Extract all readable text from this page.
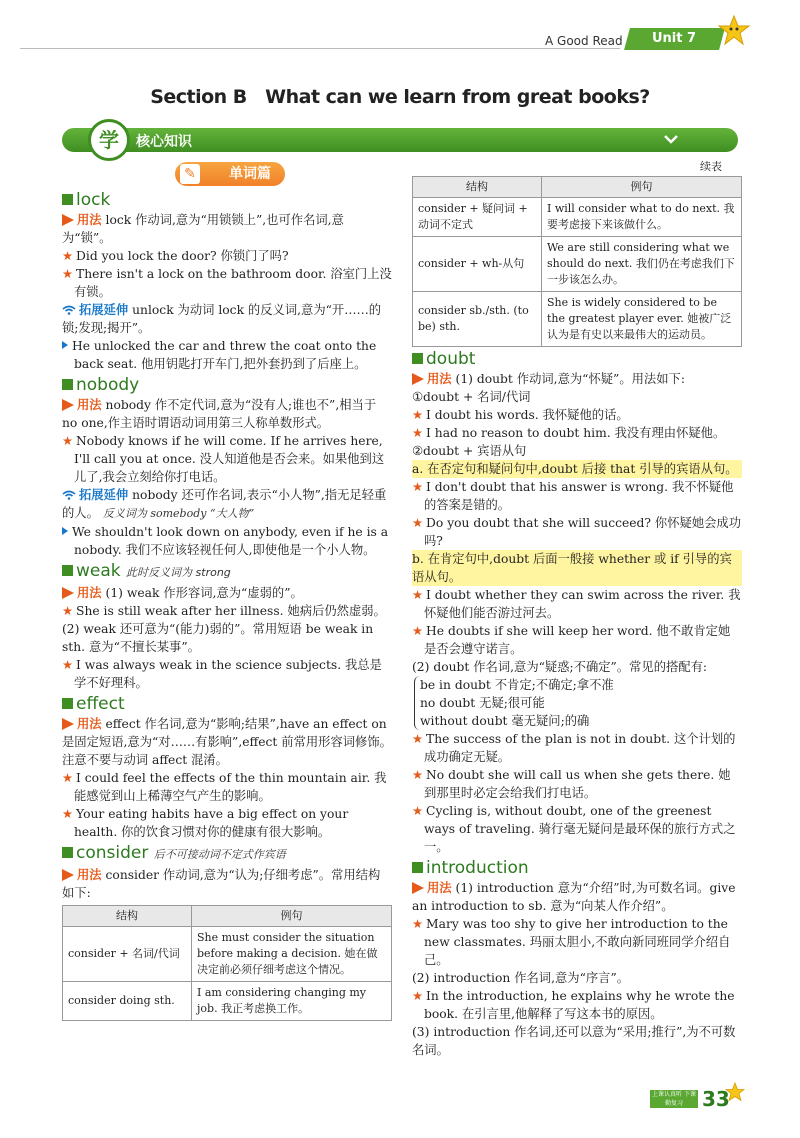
A Good Read	Unit 7
Section B   What can we learn from great books?
学	核心知识
单词篇
✎
lock

用法 lock 作动词,意为“用锁锁上”,也可作名词,意为“锁”。

★ Did you lock the door? 你锁门了吗?

★ There isn't a lock on the bathroom door. 浴室门上没有锁。

拓展延伸 unlock 为动词 lock 的反义词,意为“开……的锁;发现;揭开”。

He unlocked the car and threw the coat onto the back seat. 他用钥匙打开车门,把外套扔到了后座上。

nobody

用法 nobody 作不定代词,意为“没有人;谁也不”,相当于 no one,作主语时谓语动词用第三人称单数形式。

★ Nobody knows if he will come. If he arrives here, I'll call you at once. 没人知道他是否会来。如果他到这儿了,我会立刻给你打电话。

拓展延伸 nobody 还可作名词,表示“小人物”,指无足轻重的人。 反义词为 somebody “大人物”

We shouldn't look down on anybody, even if he is a nobody. 我们不应该轻视任何人,即使他是一个小人物。

weak 此时反义词为 strong

用法 (1) weak 作形容词,意为“虚弱的”。

★ She is still weak after her illness. 她病后仍然虚弱。

(2) weak 还可意为“(能力)弱的”。常用短语 be weak in sth. 意为“不擅长某事”。

★ I was always weak in the science subjects. 我总是学不好理科。

effect

用法 effect 作名词,意为“影响;结果”,have an effect on 是固定短语,意为“对……有影响”,effect 前常用形容词修饰。注意不要与动词 affect 混淆。

★ I could feel the effects of the thin mountain air. 我能感觉到山上稀薄空气产生的影响。

★ Your eating habits have a big effect on your health. 你的饮食习惯对你的健康有很大影响。

consider 后不可接动词不定式作宾语

用法 consider 作动词,意为“认为;仔细考虑”。常用结构如下:

结构	例句
consider + 名词/代词	She must consider the situation before making a decision. 她在做决定前必须仔细考虑这个情况。
consider doing sth.	I am considering changing my job. 我正考虑换工作。

续表

结构	例句
consider + 疑问词 + 动词不定式	I will consider what to do next. 我要考虑接下来该做什么。
consider + wh-从句	We are still considering what we should do next. 我们仍在考虑我们下一步该怎么办。
consider sb./sth. (to be) sth.	She is widely considered to be the greatest player ever. 她被广泛认为是有史以来最伟大的运动员。
doubt

用法 (1) doubt 作动词,意为“怀疑”。用法如下:

①doubt + 名词/代词

★ I doubt his words. 我怀疑他的话。

★ I had no reason to doubt him. 我没有理由怀疑他。

②doubt + 宾语从句

a. 在否定句和疑问句中,doubt 后接 that 引导的宾语从句。

★ I don't doubt that his answer is wrong. 我不怀疑他的答案是错的。

★ Do you doubt that she will succeed? 你怀疑她会成功吗?

b. 在肯定句中,doubt 后面一般接 whether 或 if 引导的宾语从句。

★ I doubt whether they can swim across the river. 我怀疑他们能否游过河去。

★ He doubts if she will keep her word. 他不敢肯定她是否会遵守诺言。

(2) doubt 作名词,意为“疑惑;不确定”。常见的搭配有:

be in doubt 不肯定;不确定;拿不准

no doubt 无疑;很可能

without doubt 毫无疑问;的确

★ The success of the plan is not in doubt. 这个计划的成功确定无疑。

★ No doubt she will call us when she gets there. 她到那里时必定会给我们打电话。

★ Cycling is, without doubt, one of the greenest ways of traveling. 骑行毫无疑问是最环保的旅行方式之一。

introduction

用法 (1) introduction 意为“介绍”时,为可数名词。give an introduction to sb. 意为“向某人作介绍”。

★ Mary was too shy to give her introduction to the new classmates. 玛丽太胆小,不敢向新同班同学介绍自己。

(2) introduction 作名词,意为“序言”。

★ In the introduction, he explains why he wrote the book. 在引言里,他解释了写这本书的原因。

(3) introduction 作名词,还可以意为“采用;推行”,为不可数名词。

上课认真听 下课勤复习 33
